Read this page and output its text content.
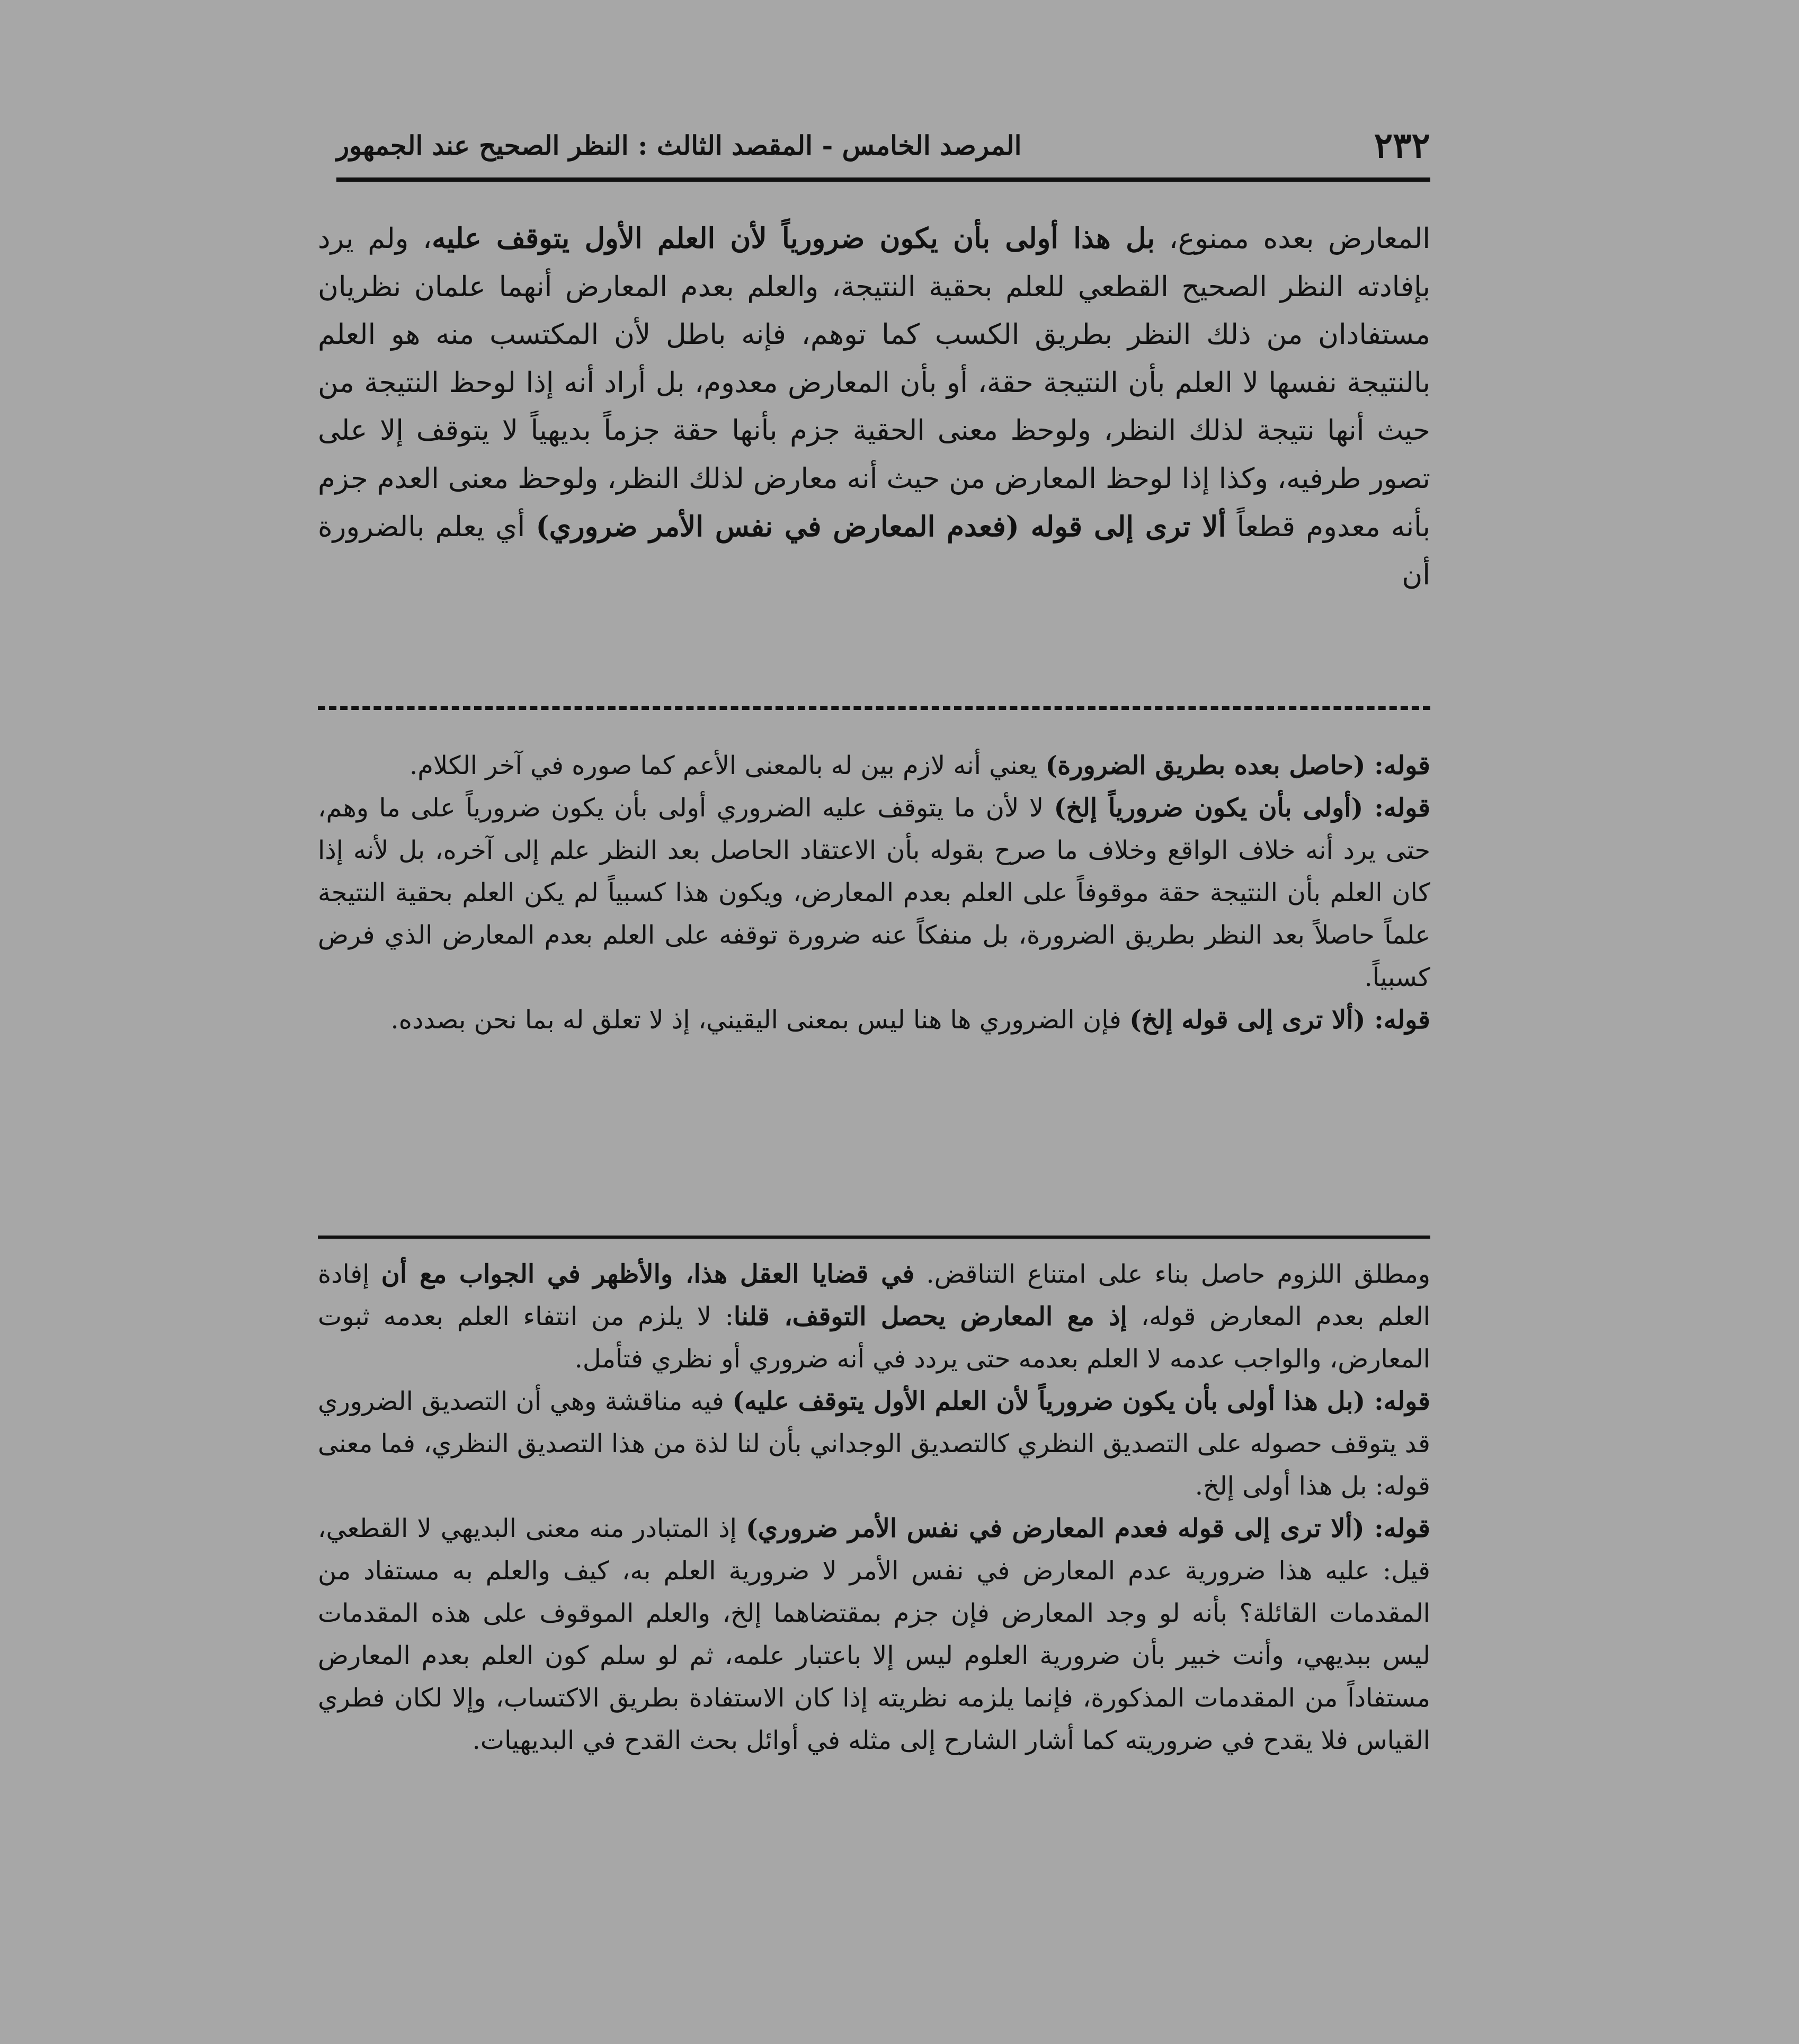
٢٣٢
المرصد الخامس - المقصد الثالث : النظر الصحيح عند الجمهور

المعارض بعده ممنوع، بل هذا أولى بأن يكون ضرورياً لأن العلم الأول يتوقف عليه، ولم يرد بإفادته النظر الصحيح القطعي للعلم بحقية النتيجة، والعلم بعدم المعارض أنهما علمان نظريان مستفادان من ذلك النظر بطريق الكسب كما توهم، فإنه باطل لأن المكتسب منه هو العلم بالنتيجة نفسها لا العلم بأن النتيجة حقة، أو بأن المعارض معدوم، بل أراد أنه إذا لوحظ النتيجة من حيث أنها نتيجة لذلك النظر، ولوحظ معنى الحقية جزم بأنها حقة جزماً بديهياً لا يتوقف إلا على تصور طرفيه، وكذا إذا لوحظ المعارض من حيث أنه معارض لذلك النظر، ولوحظ معنى العدم جزم بأنه معدوم قطعاً ألا ترى إلى قوله (فعدم المعارض في نفس الأمر ضروري) أي يعلم بالضرورة أن

قوله: (حاصل بعده بطريق الضرورة) يعني أنه لازم بين له بالمعنى الأعم كما صوره في آخر الكلام.

قوله: (أولى بأن يكون ضرورياً إلخ) لا لأن ما يتوقف عليه الضروري أولى بأن يكون ضرورياً على ما وهم، حتى يرد أنه خلاف الواقع وخلاف ما صرح بقوله بأن الاعتقاد الحاصل بعد النظر علم إلى آخره، بل لأنه إذا كان العلم بأن النتيجة حقة موقوفاً على العلم بعدم المعارض، ويكون هذا كسبياً لم يكن العلم بحقية النتيجة علماً حاصلاً بعد النظر بطريق الضرورة، بل منفكاً عنه ضرورة توقفه على العلم بعدم المعارض الذي فرض كسبياً.

قوله: (ألا ترى إلى قوله إلخ) فإن الضروري ها هنا ليس بمعنى اليقيني، إذ لا تعلق له بما نحن بصدده.

ومطلق اللزوم حاصل بناء على امتناع التناقض. في قضايا العقل هذا، والأظهر في الجواب مع أن إفادة العلم بعدم المعارض قوله، إذ مع المعارض يحصل التوقف، قلنا: لا يلزم من انتفاء العلم بعدمه ثبوت المعارض، والواجب عدمه لا العلم بعدمه حتى يردد في أنه ضروري أو نظري فتأمل.

قوله: (بل هذا أولى بأن يكون ضرورياً لأن العلم الأول يتوقف عليه) فيه مناقشة وهي أن التصديق الضروري قد يتوقف حصوله على التصديق النظري كالتصديق الوجداني بأن لنا لذة من هذا التصديق النظري، فما معنى قوله: بل هذا أولى إلخ.

قوله: (ألا ترى إلى قوله فعدم المعارض في نفس الأمر ضروري) إذ المتبادر منه معنى البديهي لا القطعي، قيل: عليه هذا ضرورية عدم المعارض في نفس الأمر لا ضرورية العلم به، كيف والعلم به مستفاد من المقدمات القائلة؟ بأنه لو وجد المعارض فإن جزم بمقتضاهما إلخ، والعلم الموقوف على هذه المقدمات ليس ببديهي، وأنت خبير بأن ضرورية العلوم ليس إلا باعتبار علمه، ثم لو سلم كون العلم بعدم المعارض مستفاداً من المقدمات المذكورة، فإنما يلزمه نظريته إذا كان الاستفادة بطريق الاكتساب، وإلا لكان فطري القياس فلا يقدح في ضروريته كما أشار الشارح إلى مثله في أوائل بحث القدح في البديهيات.
